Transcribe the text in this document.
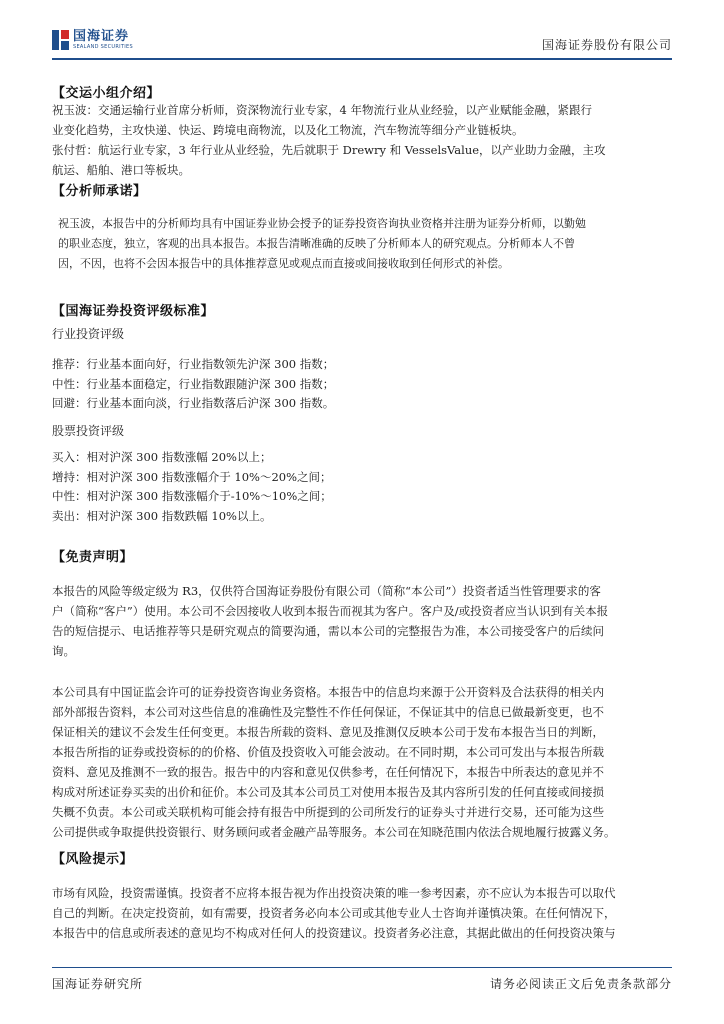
国海证券
SEALAND SECURITIES	国海证券股份有限公司
【交运小组介绍】
祝玉波：交通运输行业首席分析师，资深物流行业专家，4 年物流行业从业经验，以产业赋能金融，紧跟行
业变化趋势，主攻快递、快运、跨境电商物流，以及化工物流，汽车物流等细分产业链板块。
张付哲：航运行业专家，3 年行业从业经验，先后就职于 Drewry 和 VesselsValue，以产业助力金融，主攻
航运、船舶、港口等板块。
【分析师承诺】
祝玉波，本报告中的分析师均具有中国证券业协会授予的证券投资咨询执业资格并注册为证券分析师，以勤勉
的职业态度，独立，客观的出具本报告。本报告清晰准确的反映了分析师本人的研究观点。分析师本人不曾
因，不因，也将不会因本报告中的具体推荐意见或观点而直接或间接收取到任何形式的补偿。
【国海证券投资评级标准】
行业投资评级
推荐：行业基本面向好，行业指数领先沪深 300 指数；
中性：行业基本面稳定，行业指数跟随沪深 300 指数；
回避：行业基本面向淡，行业指数落后沪深 300 指数。
股票投资评级
买入：相对沪深 300 指数涨幅 20%以上；
增持：相对沪深 300 指数涨幅介于 10%～20%之间；
中性：相对沪深 300 指数涨幅介于-10%～10%之间；
卖出：相对沪深 300 指数跌幅 10%以上。
【免责声明】
本报告的风险等级定级为 R3，仅供符合国海证券股份有限公司（简称“本公司”）投资者适当性管理要求的客
户（简称“客户”）使用。本公司不会因接收人收到本报告而视其为客户。客户及/或投资者应当认识到有关本报
告的短信提示、电话推荐等只是研究观点的简要沟通，需以本公司的完整报告为准，本公司接受客户的后续问
询。
本公司具有中国证监会许可的证券投资咨询业务资格。本报告中的信息均来源于公开资料及合法获得的相关内
部外部报告资料，本公司对这些信息的准确性及完整性不作任何保证，不保证其中的信息已做最新变更，也不
保证相关的建议不会发生任何变更。本报告所载的资料、意见及推测仅反映本公司于发布本报告当日的判断，
本报告所指的证券或投资标的的价格、价值及投资收入可能会波动。在不同时期，本公司可发出与本报告所载
资料、意见及推测不一致的报告。报告中的内容和意见仅供参考，在任何情况下，本报告中所表达的意见并不
构成对所述证券买卖的出价和征价。本公司及其本公司员工对使用本报告及其内容所引发的任何直接或间接损
失概不负责。本公司或关联机构可能会持有报告中所提到的公司所发行的证券头寸并进行交易，还可能为这些
公司提供或争取提供投资银行、财务顾问或者金融产品等服务。本公司在知晓范围内依法合规地履行披露义务。
【风险提示】
市场有风险，投资需谨慎。投资者不应将本报告视为作出投资决策的唯一参考因素，亦不应认为本报告可以取代
自己的判断。在决定投资前，如有需要，投资者务必向本公司或其他专业人士咨询并谨慎决策。在任何情况下，
本报告中的信息或所表述的意见均不构成对任何人的投资建议。投资者务必注意，其据此做出的任何投资决策与
国海证券研究所	请务必阅读正文后免责条款部分
